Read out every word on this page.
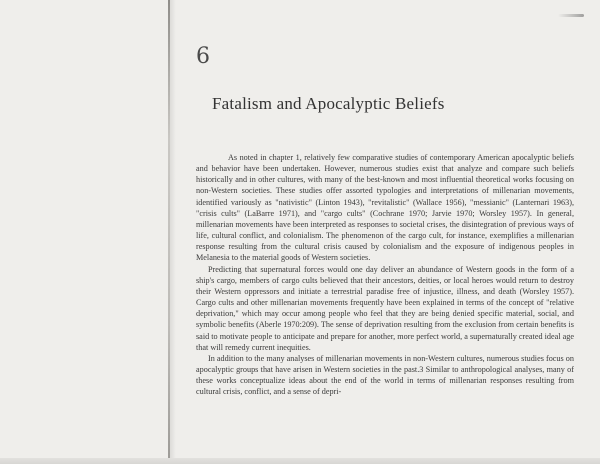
6
Fatalism and Apocalyptic Beliefs

As noted in chapter 1, relatively few comparative studies of contemporary American apocalyptic beliefs and behavior have been undertaken. However, numerous studies exist that analyze and compare such beliefs historically and in other cultures, with many of the best-known and most influential theoretical works focusing on non-Western societies. These studies offer assorted typologies and interpretations of millenarian movements, identified variously as "nativistic" (Linton 1943), "revitalistic" (Wallace 1956), "messianic" (Lanternari 1963), "crisis cults" (LaBarre 1971), and "cargo cults" (Cochrane 1970; Jarvie 1970; Worsley 1957). In general, millenarian movements have been interpreted as responses to societal crises, the disintegration of previous ways of life, cultural conflict, and colonialism. The phenomenon of the cargo cult, for instance, exemplifies a millenarian response resulting from the cultural crisis caused by colonialism and the exposure of indigenous peoples in Melanesia to the material goods of Western societies.

Predicting that supernatural forces would one day deliver an abundance of Western goods in the form of a ship's cargo, members of cargo cults believed that their ancestors, deities, or local heroes would return to destroy their Western oppressors and initiate a terrestrial paradise free of injustice, illness, and death (Worsley 1957). Cargo cults and other millenarian movements frequently have been explained in terms of the concept of "relative deprivation," which may occur among people who feel that they are being denied specific material, social, and symbolic benefits (Aberle 1970:209). The sense of deprivation resulting from the exclusion from certain benefits is said to motivate people to anticipate and prepare for another, more perfect world, a supernaturally created ideal age that will remedy current inequities.

In addition to the many analyses of millenarian movements in non-Western cultures, numerous studies focus on apocalyptic groups that have arisen in Western societies in the past.3 Similar to anthropological analyses, many of these works conceptualize ideas about the end of the world in terms of millenarian responses resulting from cultural crisis, conflict, and a sense of depri-
